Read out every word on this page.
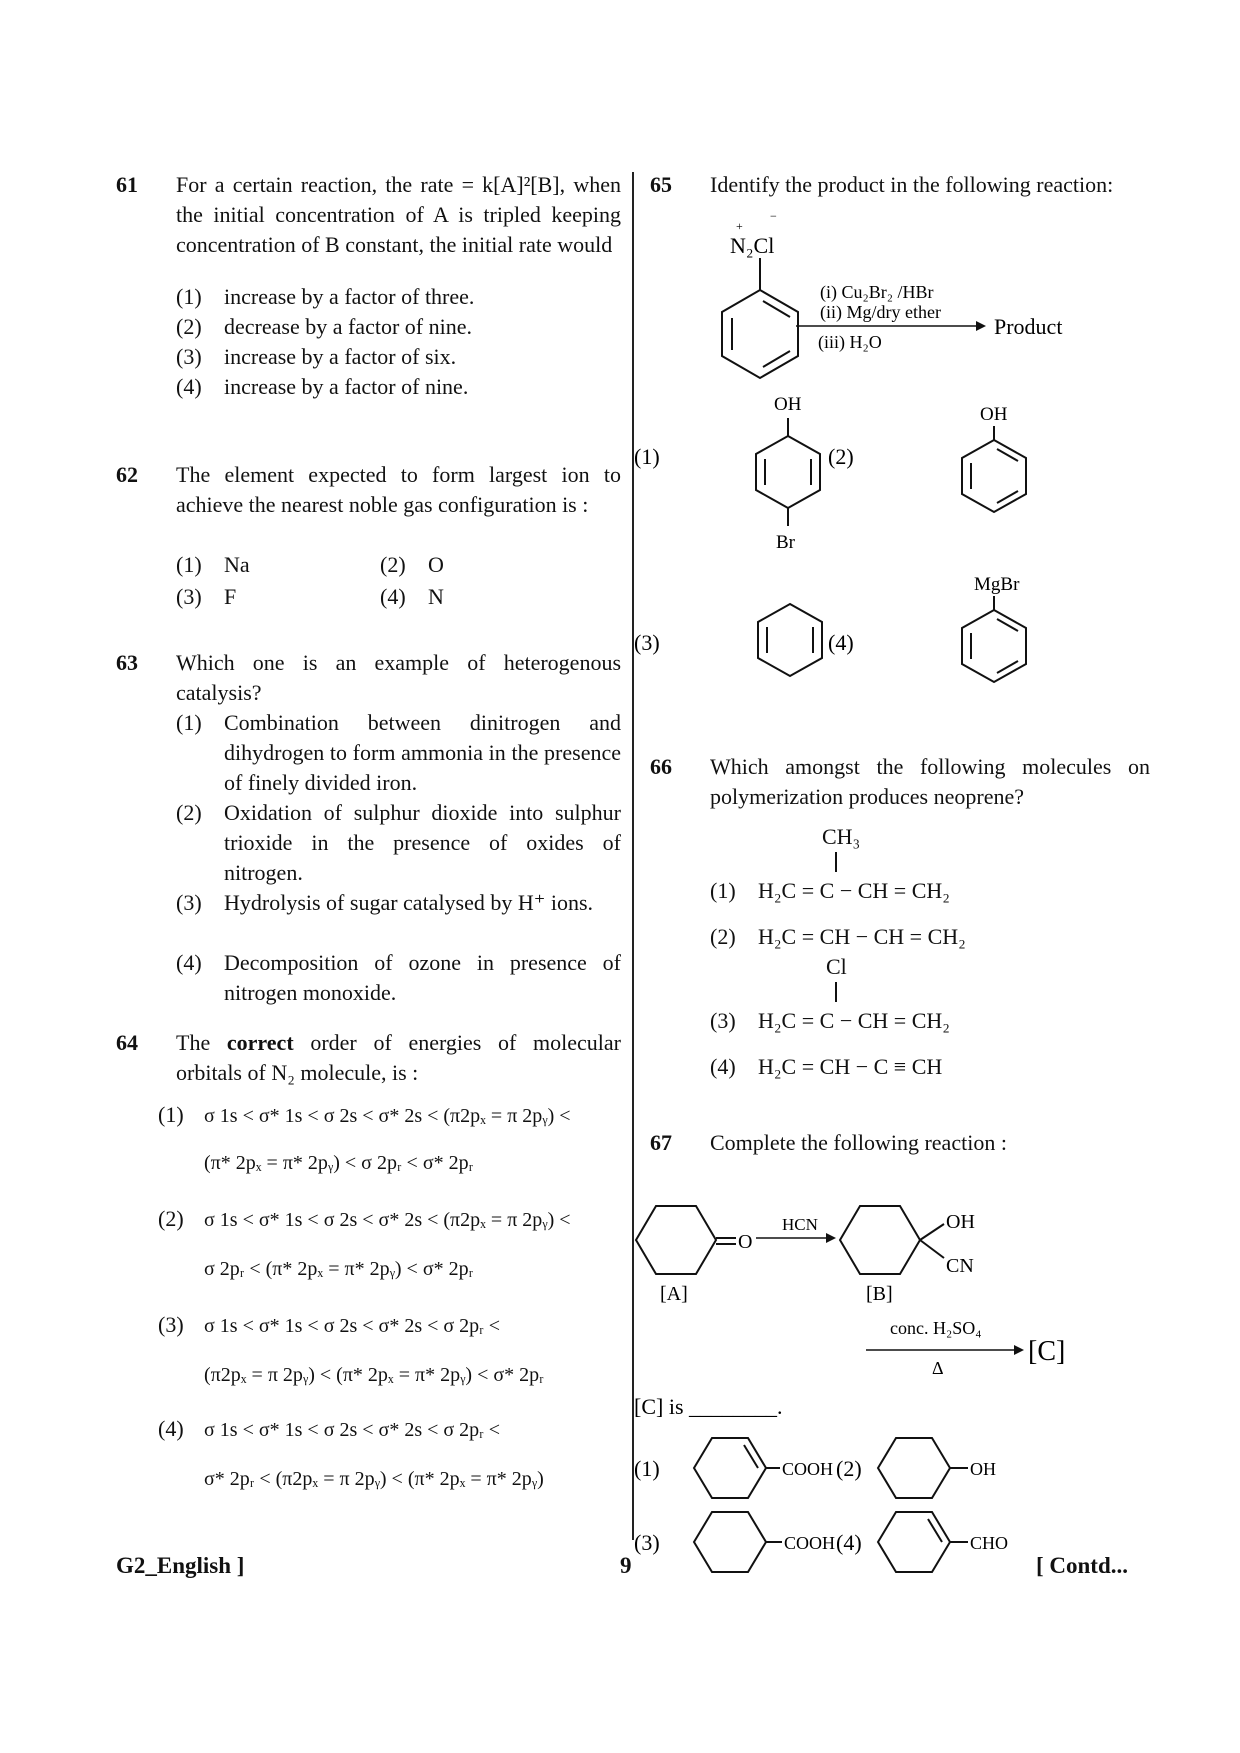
61 For a certain reaction, the rate = k[A]²[B], when the initial concentration of A is tripled keeping concentration of B constant, the initial rate would
(1) increase by a factor of three.
(2) decrease by a factor of nine.
(3) increase by a factor of six.
(4) increase by a factor of nine.
62 The element expected to form largest ion to achieve the nearest noble gas configuration is :
(1) Na	(2) O
(3) F	(4) N
63 Which one is an example of heterogenous catalysis?
(1) Combination between dinitrogen and dihydrogen to form ammonia in the presence of finely divided iron.
(2) Oxidation of sulphur dioxide into sulphur trioxide in the presence of oxides of nitrogen.
(3) Hydrolysis of sugar catalysed by H⁺ ions.
(4) Decomposition of ozone in presence of nitrogen monoxide.
64 The correct order of energies of molecular orbitals of N₂ molecule, is :
(1) σ 1s < σ* 1s < σ 2s < σ* 2s < (π2pₓ = π 2pᵧ) <
(π* 2pₓ = π* 2pᵧ) < σ 2pᵣ < σ* 2pᵣ
(2) σ 1s < σ* 1s < σ 2s < σ* 2s < (π2pₓ = π 2pᵧ) <
σ 2pᵣ < (π* 2pₓ = π* 2pᵧ) < σ* 2pᵣ
(3) σ 1s < σ* 1s < σ 2s < σ* 2s < σ 2pᵣ <
(π2pₓ = π 2pᵧ) < (π* 2pₓ = π* 2pᵧ) < σ* 2pᵣ
(4) σ 1s < σ* 1s < σ 2s < σ* 2s < σ 2pᵣ <
σ* 2pᵣ < (π2pₓ = π 2pᵧ) < (π* 2pₓ = π* 2pᵧ)
65 Identify the product in the following reaction:
+
−
N₂Cl
(i) Cu₂Br₂ /HBr
(ii) Mg/dry ether
(iii) H₂O
Product
(1)
OH
Br
(2)
OH
(3)	(4)
MgBr
66 Which amongst the following molecules on polymerization produces neoprene?
CH₃
(1) H₂C = C − CH = CH₂
(2) H₂C = CH − CH = CH₂
Cl
(3) H₂C = C − CH = CH₂
(4) H₂C = CH − C ≡ CH
67 Complete the following reaction :
O
[A]
HCN	OH
CN
[B]
conc. H₂SO₄
Δ
[C]
[C] is ________.
(1)	COOH (2)	OH
(3)	COOH (4)	CHO
G2_English ]	9	[ Contd...
